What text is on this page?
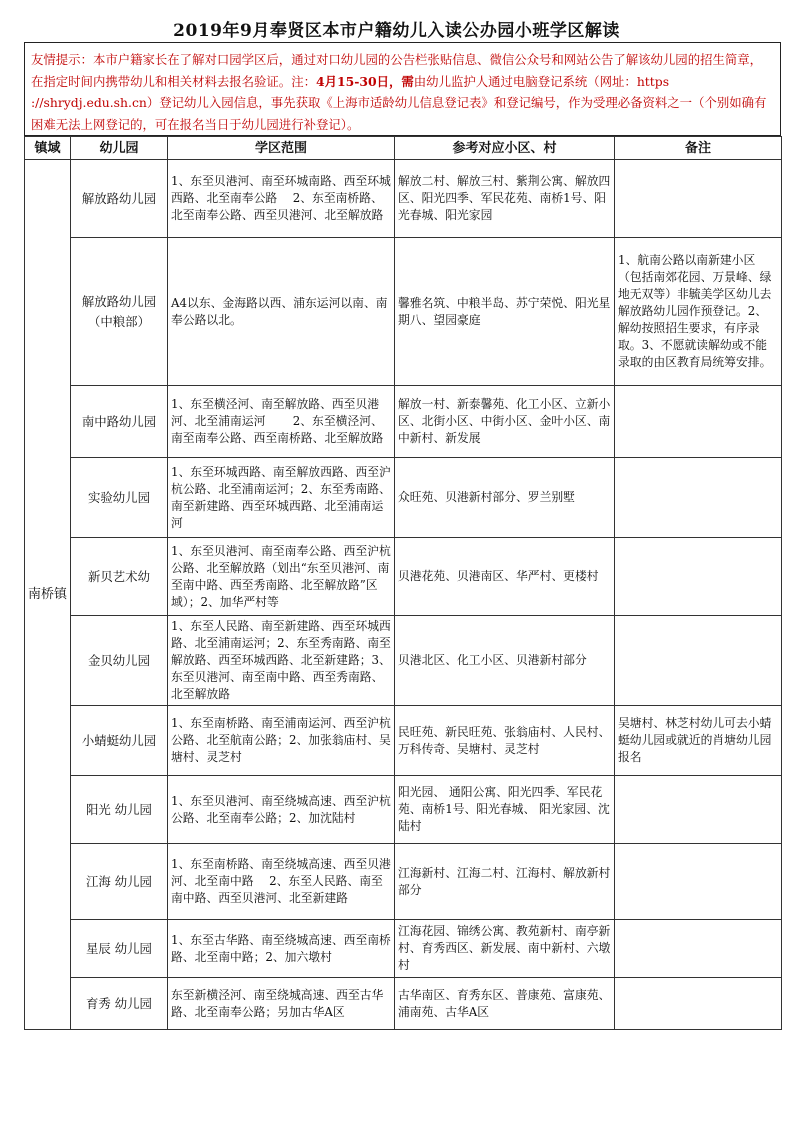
2019年9月奉贤区本市户籍幼儿入读公办园小班学区解读
友情提示：本市户籍家长在了解对口园学区后，通过对口幼儿园的公告栏张贴信息、微信公众号和网站公告了解该幼儿园的招生简章，在指定时间内携带幼儿和相关材料去报名验证。注：4月15-30日，需由幼儿监护人通过电脑登记系统（网址：https ://shrydj.edu.sh.cn）登记幼儿入园信息，事先获取《上海市适龄幼儿信息登记表》和登记编号，作为受理必备资料之一（个别如确有困难无法上网登记的，可在报名当日于幼儿园进行补登记）。
镇域	幼儿园	学区范围	参考对应小区、村	备注
南桥镇	解放路幼儿园	1、东至贝港河、南至环城南路、西至环城西路、北至南奉公路　 2、东至南桥路、北至南奉公路、西至贝港河、北至解放路	解放二村、解放三村、紫荆公寓、解放四区、阳光四季、军民花苑、南桥1号、阳光春城、阳光家园	
	解放路幼儿园（中粮部）	A4以东、金海路以西、浦东运河以南、南奉公路以北。	馨雅名筑、中粮半岛、苏宁荣悦、阳光星期八、望园豪庭	1、航南公路以南新建小区（包括南郊花园、万景峰、绿地无双等）非毓美学区幼儿去解放路幼儿园作预登记。2、解幼按照招生要求，有序录取。3、不愿就读解幼或不能录取的由区教育局统筹安排。
	南中路幼儿园	1、东至横泾河、南至解放路、西至贝港河、北至浦南运河　　 2、东至横泾河、南至南奉公路、西至南桥路、北至解放路	解放一村、新泰馨苑、化工小区、立新小区、北街小区、中街小区、金叶小区、南中新村、新发展	
	实验幼儿园	1、东至环城西路、南至解放西路、西至沪杭公路、北至浦南运河；2、东至秀南路、南至新建路、西至环城西路、北至浦南运河	众旺苑、贝港新村部分、罗兰别墅	
	新贝艺术幼	1、东至贝港河、南至南奉公路、西至沪杭公路、北至解放路（划出“东至贝港河、南至南中路、西至秀南路、北至解放路”区域）；2、加华严村等	贝港花苑、贝港南区、华严村、更楼村	
	金贝幼儿园	1、东至人民路、南至新建路、西至环城西路、北至浦南运河；2、东至秀南路、南至解放路、西至环城西路、北至新建路；3、东至贝港河、南至南中路、西至秀南路、北至解放路	贝港北区、化工小区、贝港新村部分	
	小蜻蜓幼儿园	1、东至南桥路、南至浦南运河、西至沪杭公路、北至航南公路；2、加张翁庙村、吴塘村、灵芝村	民旺苑、新民旺苑、张翁庙村、人民村、万科传奇、吴塘村、灵芝村	吴塘村、林芝村幼儿可去小蜻蜓幼儿园或就近的肖塘幼儿园报名
	阳光 幼儿园	1、东至贝港河、南至绕城高速、西至沪杭公路、北至南奉公路；2、加沈陆村	阳光园、 通阳公寓、阳光四季、军民花苑、南桥1号、阳光春城、 阳光家园、沈陆村	
	江海 幼儿园	1、东至南桥路、南至绕城高速、西至贝港河、北至南中路　 2、东至人民路、南至南中路、西至贝港河、北至新建路	江海新村、江海二村、江海村、解放新村部分	
	星辰 幼儿园	1、东至古华路、南至绕城高速、西至南桥路、北至南中路；2、加六墩村	江海花园、锦绣公寓、教苑新村、南亭新村、育秀西区、新发展、南中新村、六墩村	
	育秀 幼儿园	东至新横泾河、南至绕城高速、西至古华路、北至南奉公路；另加古华A区	古华南区、育秀东区、普康苑、富康苑、浦南苑、古华A区	
